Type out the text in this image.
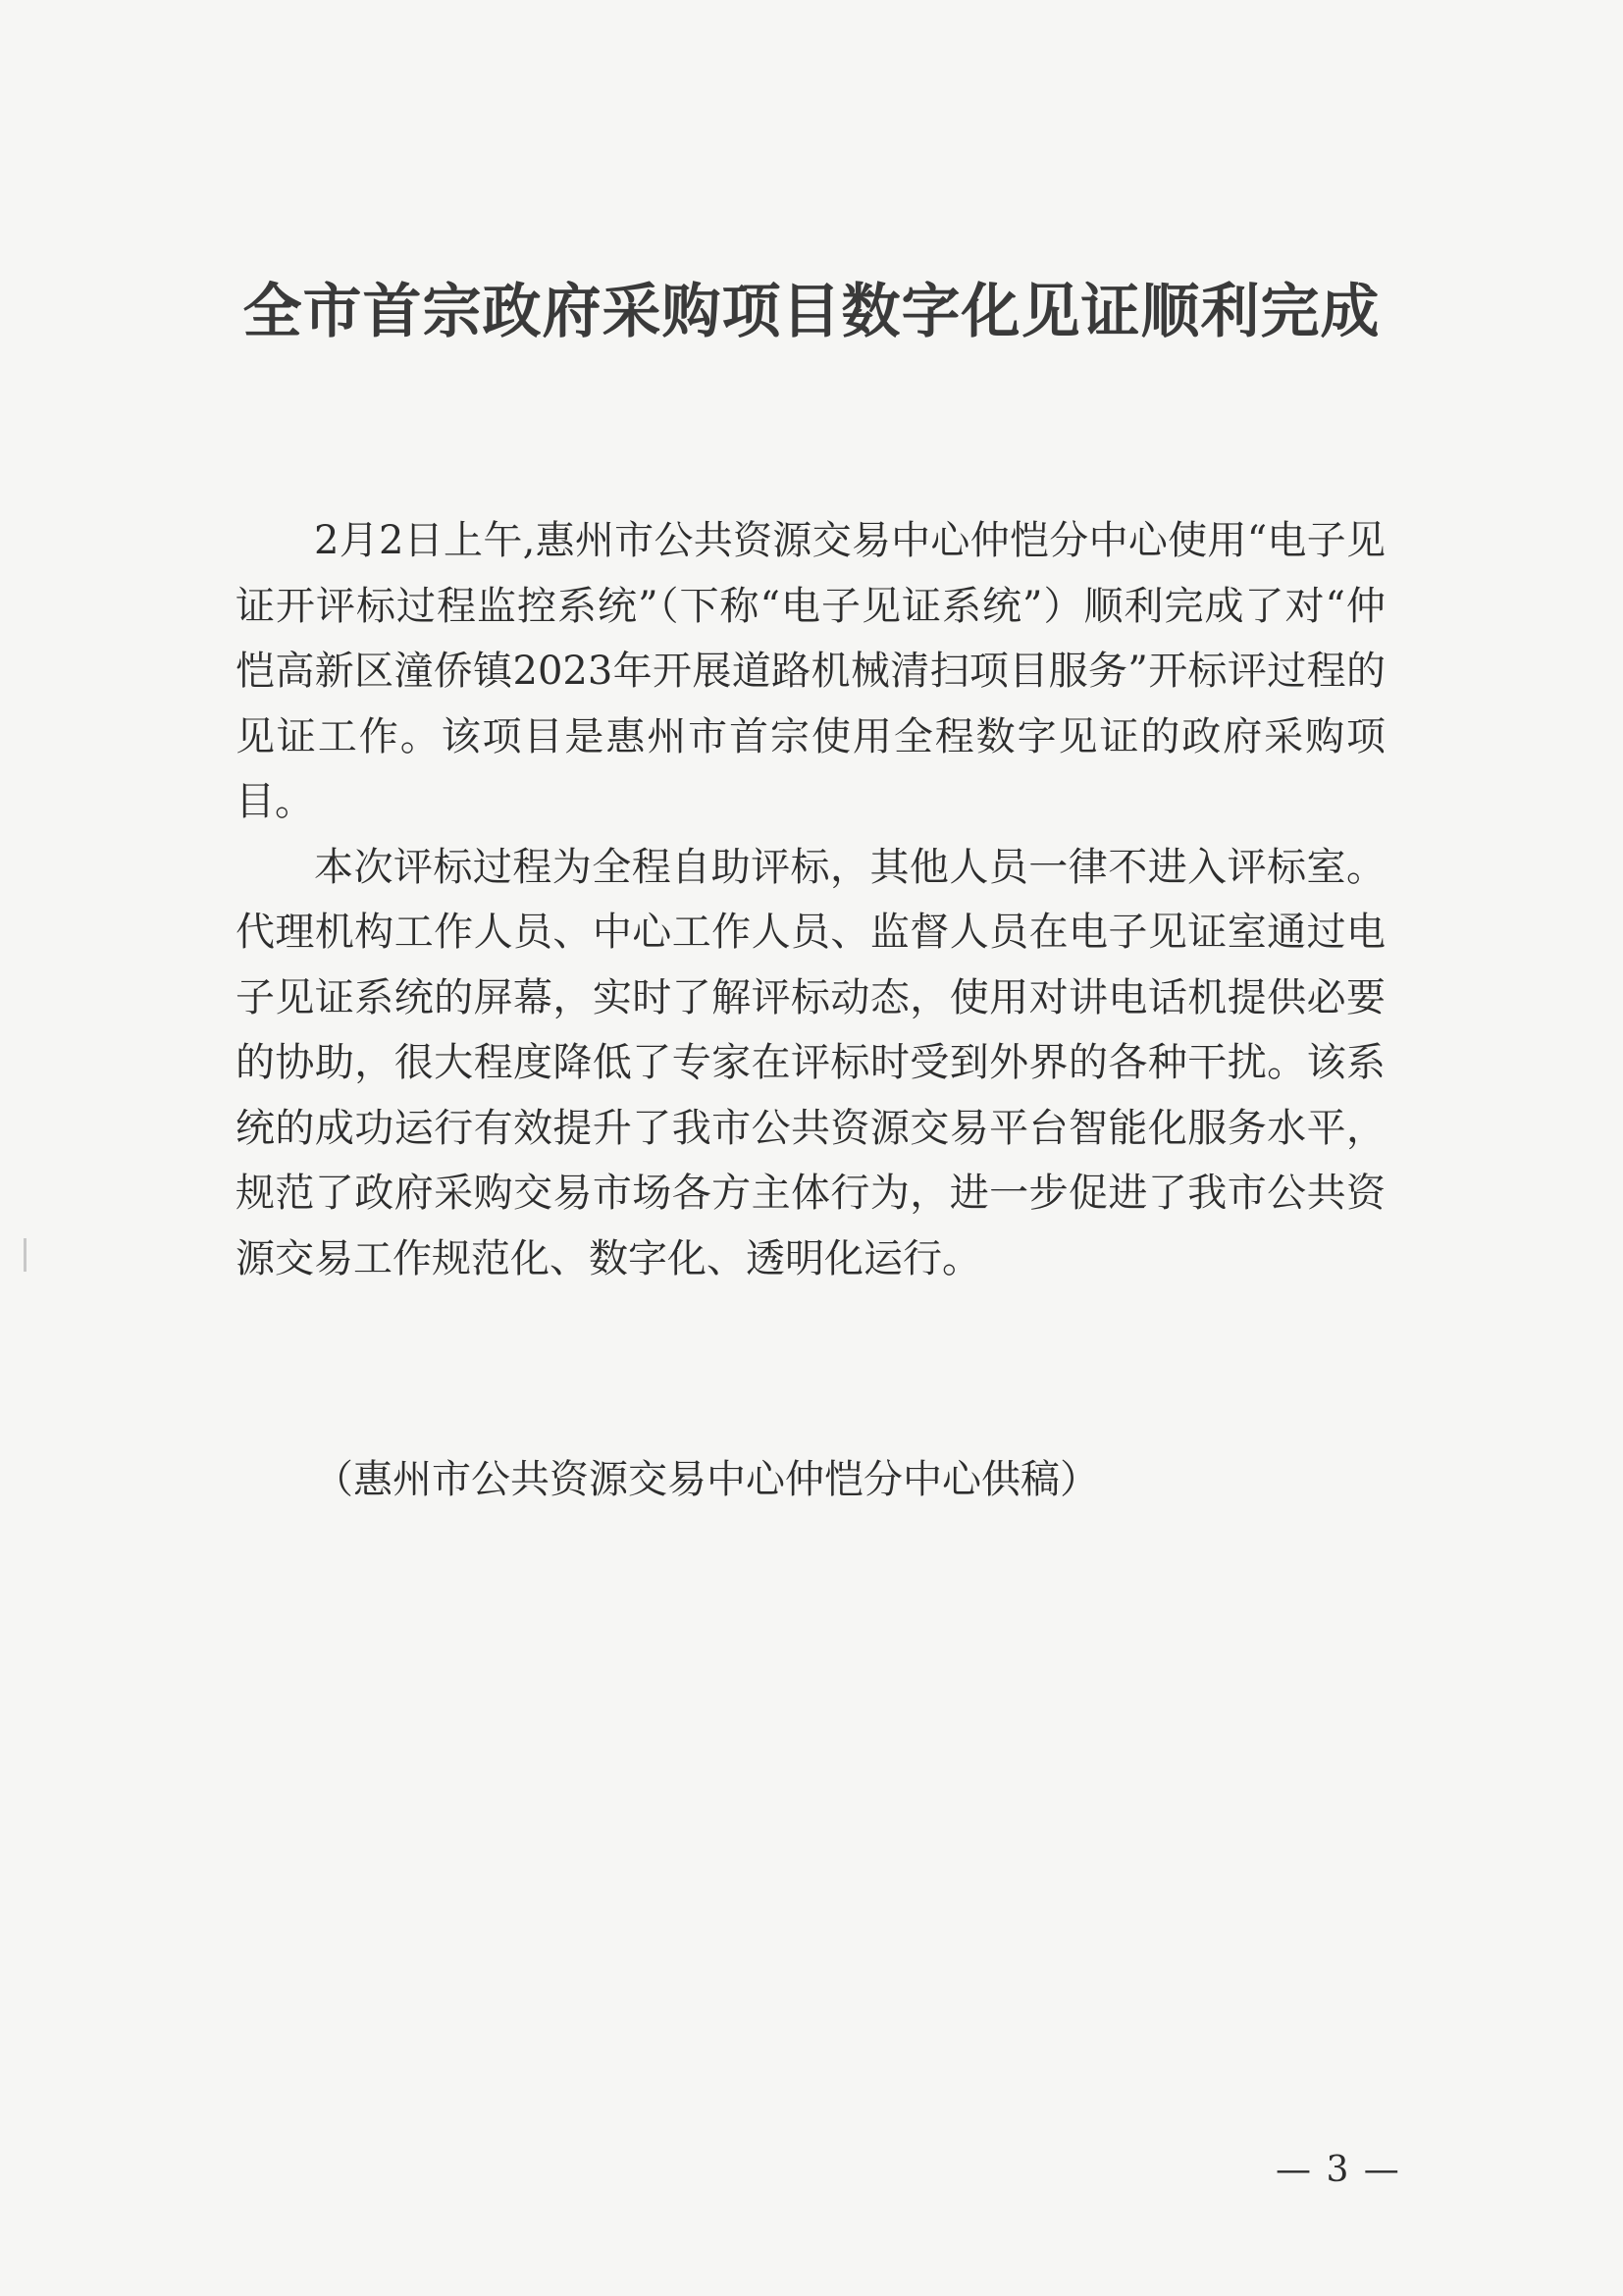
全市首宗政府采购项目数字化见证顺利完成

2月2日上午,惠州市公共资源交易中心仲恺分中心使用“电子见证开评标过程监控系统”（下称“电子见证系统”）顺利完成了对“仲恺高新区潼侨镇2023年开展道路机械清扫项目服务”开标评过程的见证工作。该项目是惠州市首宗使用全程数字见证的政府采购项目。

本次评标过程为全程自助评标，其他人员一律不进入评标室。代理机构工作人员、中心工作人员、监督人员在电子见证室通过电子见证系统的屏幕，实时了解评标动态，使用对讲电话机提供必要的协助，很大程度降低了专家在评标时受到外界的各种干扰。该系统的成功运行有效提升了我市公共资源交易平台智能化服务水平，规范了政府采购交易市场各方主体行为，进一步促进了我市公共资源交易工作规范化、数字化、透明化运行。

（惠州市公共资源交易中心仲恺分中心供稿）

— 3 —
